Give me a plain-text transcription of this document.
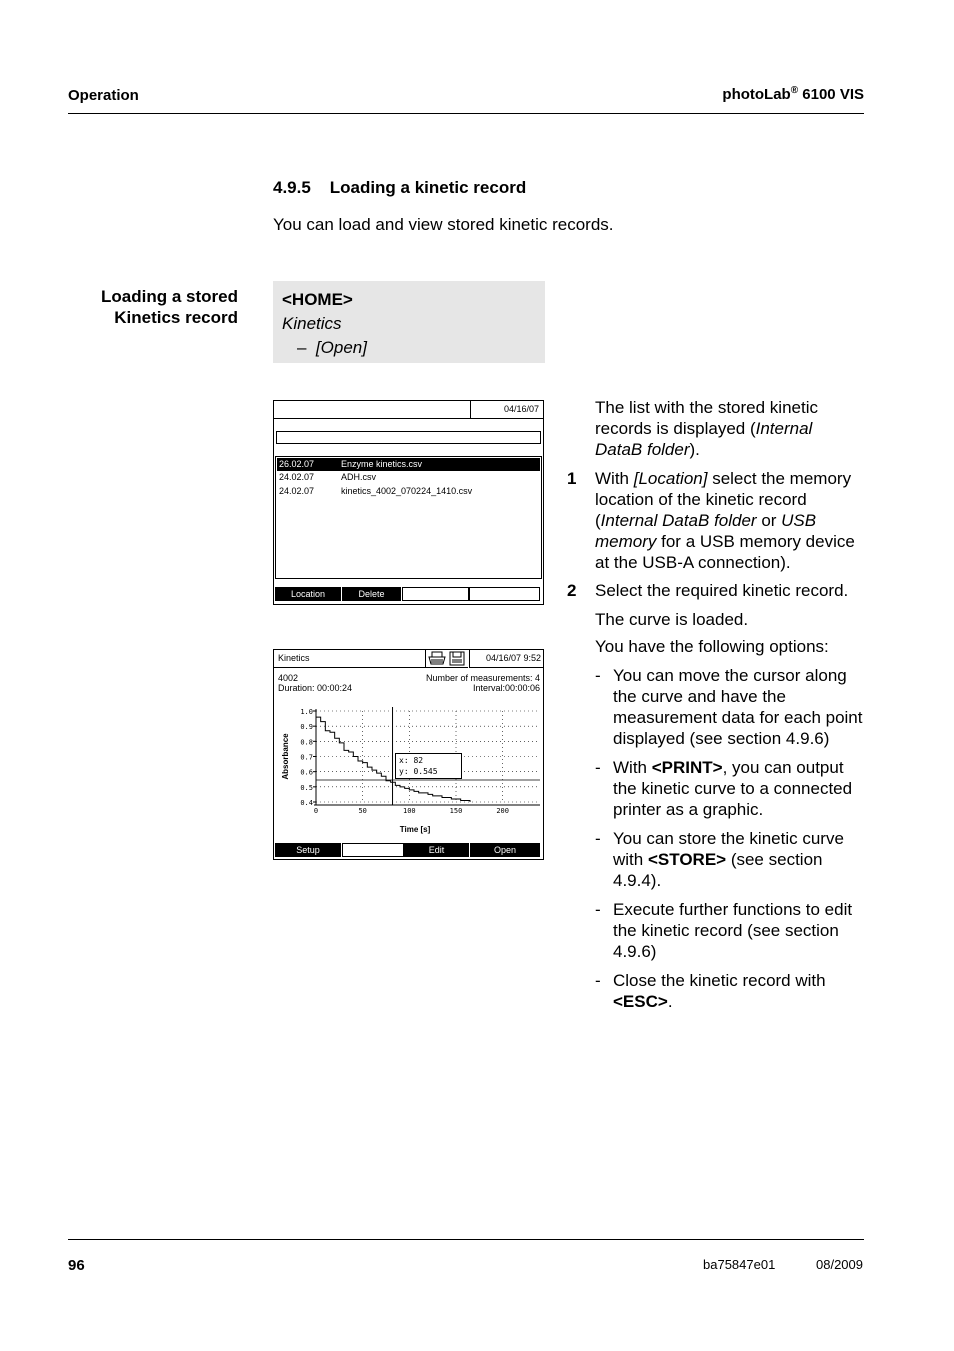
Operation	photoLab® 6100 VIS
4.9.5 Loading a kinetic record
You can load and view stored kinetic records.
Loading a stored
Kinetics record
<HOME>
Kinetics
– [Open]
04/16/07
26.02.07	Enzyme kinetics.csv
24.02.07	ADH.csv
24.02.07	kinetics_4002_070224_1410.csv
Location	Delete
Kinetics	04/16/07 9:52
4002
Duration: 00:00:24
Number of measurements: 4
Interval:00:00:06
1.0
0.9
0.8
0.7
0.6
0.5
0.4
0	50	100	150	200
Time [s]
Absorbance	x: 82
y: 0.545
Setup	Edit	Open
The list with the stored kinetic records is displayed (Internal DataB folder).
1 With [Location] select the memory location of the kinetic record (Internal DataB folder or USB memory for a USB memory device at the USB-A connection).
2 Select the required kinetic record.
The curve is loaded.
You have the following options:
- You can move the cursor along the curve and have the measurement data for each point displayed (see section 4.9.6)
- With <PRINT>, you can output the kinetic curve to a connected printer as a graphic.
- You can store the kinetic curve with <STORE> (see section 4.9.4).
- Execute further functions to edit the kinetic record (see section 4.9.6)
- Close the kinetic record with <ESC>.
96	ba75847e01	08/2009
